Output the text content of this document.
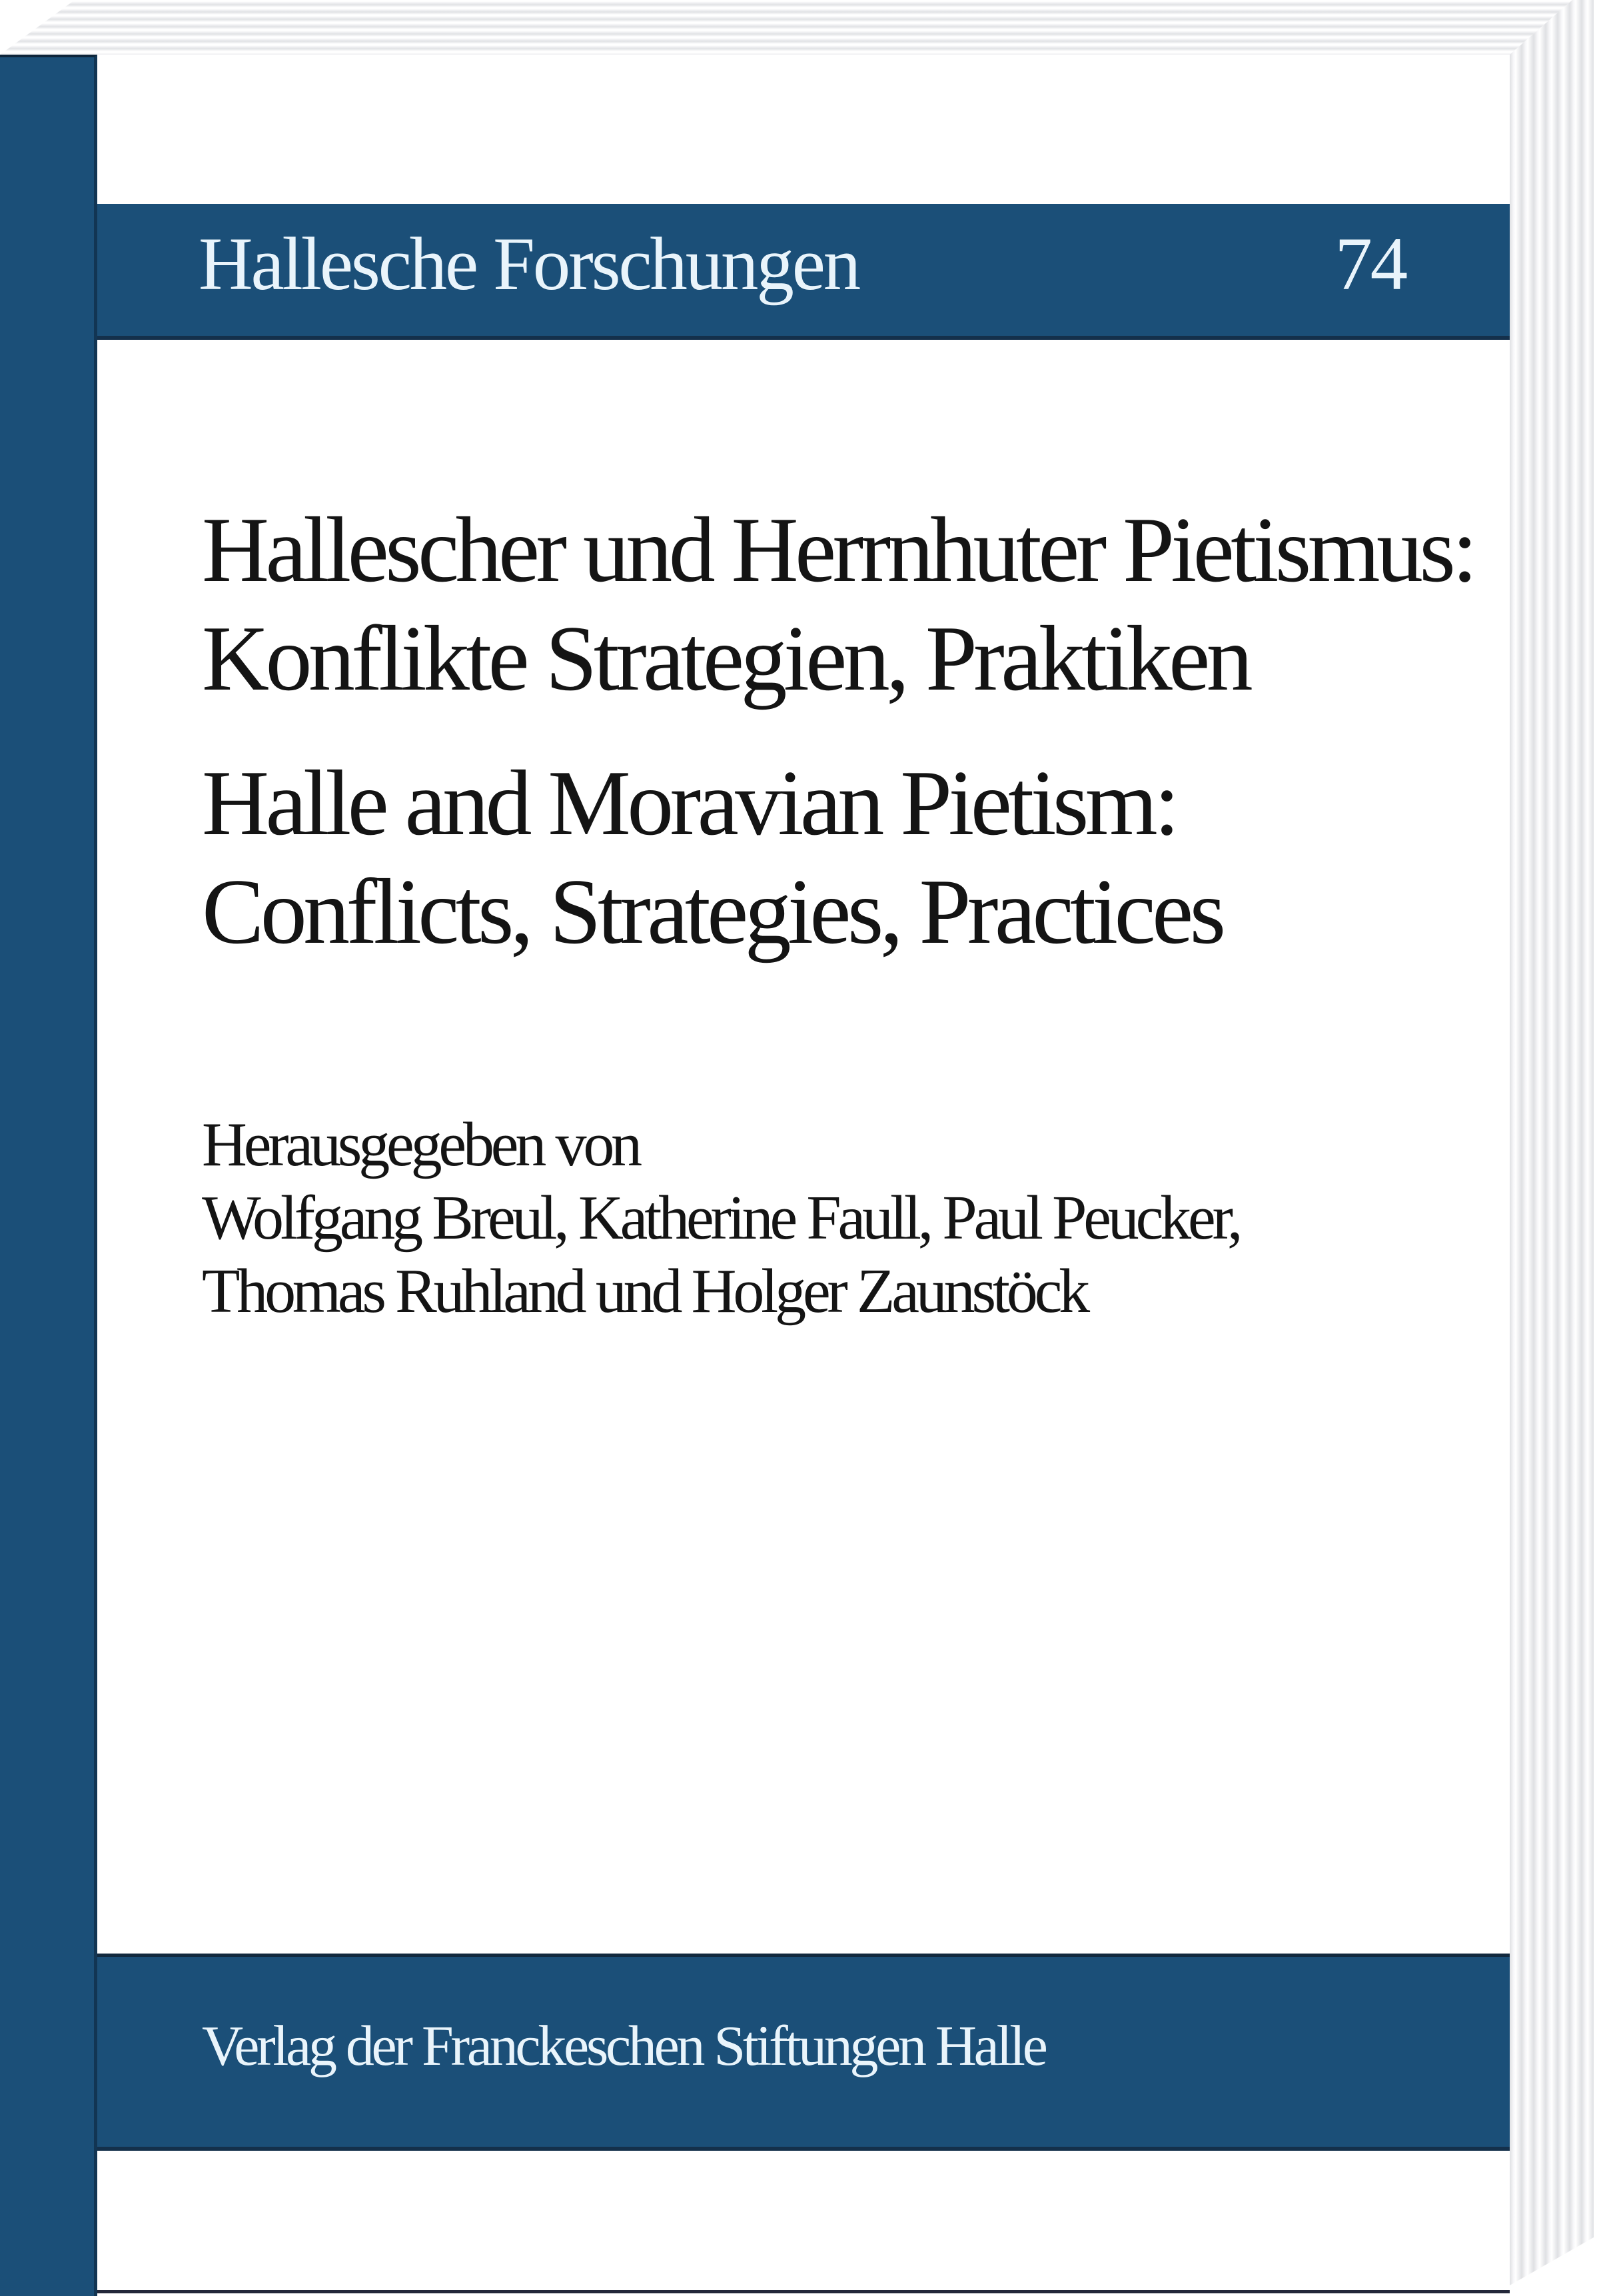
Hallesche Forschungen	74
Hallescher und Herrnhuter Pietismus:
Konflikte Strategien, Praktiken
Halle and Moravian Pietism:
Conflicts, Strategies, Practices
Herausgegeben von
Wolfgang Breul, Katherine Faull, Paul Peucker,
Thomas Ruhland und Holger Zaunstöck
Verlag der Franckeschen Stiftungen Halle
